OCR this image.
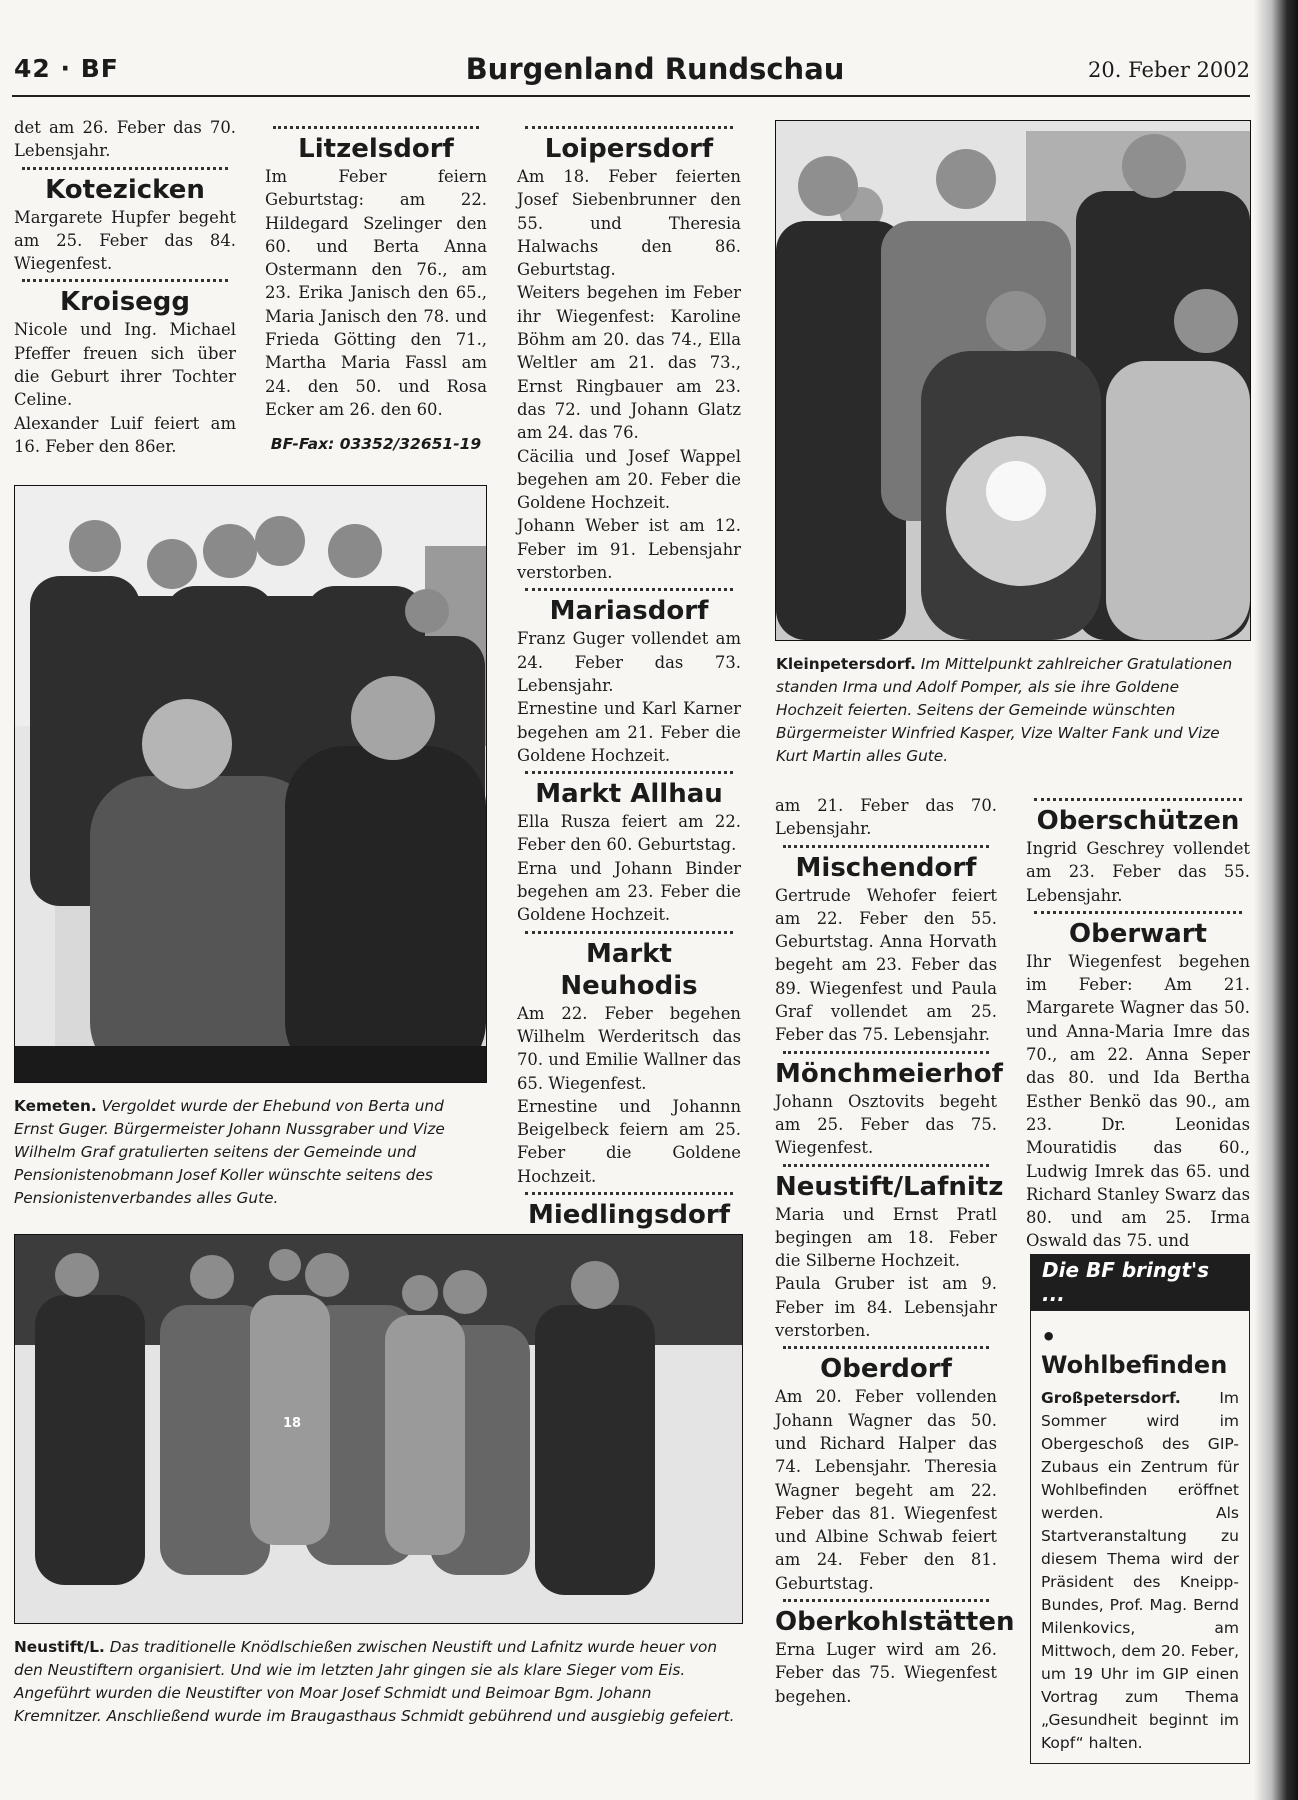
42 · BF	Burgenland Rundschau	20. Feber 2002

det am 26. Feber das 70. Lebensjahr.

Kotezicken

Margarete Hupfer begeht am 25. Feber das 84. Wiegenfest.

Kroisegg

Nicole und Ing. Michael Pfeffer freuen sich über die Geburt ihrer Tochter Celine.

Alexander Luif feiert am 16. Feber den 86er.

Litzelsdorf

Im Feber feiern Geburtstag: am 22. Hildegard Szelinger den 60. und Berta Anna Ostermann den 76., am 23. Erika Janisch den 65., Maria Janisch den 78. und Frieda Götting den 71., Martha Maria Fassl am 24. den 50. und Rosa Ecker am 26. den 60.

BF-Fax: 03352/32651-19
Kemeten. Vergoldet wurde der Ehebund von Berta und Ernst Guger. Bürgermeister Johann Nussgraber und Vize Wilhelm Graf gratulierten seitens der Gemeinde und Pensionistenobmann Josef Koller wünschte seitens des Pensionistenverbandes alles Gute.
Loipersdorf

Am 18. Feber feierten Josef Siebenbrunner den 55. und Theresia Halwachs den 86. Geburtstag.

Weiters begehen im Feber ihr Wiegenfest: Karoline Böhm am 20. das 74., Ella Weltler am 21. das 73., Ernst Ringbauer am 23. das 72. und Johann Glatz am 24. das 76.

Cäcilia und Josef Wappel begehen am 20. Feber die Goldene Hochzeit.

Johann Weber ist am 12. Feber im 91. Lebensjahr verstorben.

Mariasdorf

Franz Guger vollendet am 24. Feber das 73. Lebensjahr.

Ernestine und Karl Karner begehen am 21. Feber die Goldene Hochzeit.

Markt Allhau

Ella Rusza feiert am 22. Feber den 60. Geburtstag.

Erna und Johann Binder begehen am 23. Feber die Goldene Hochzeit.

Markt Neuhodis

Am 22. Feber begehen Wilhelm Werderitsch das 70. und Emilie Wallner das 65. Wiegenfest.

Ernestine und Johannn Beigelbeck feiern am 25. Feber die Goldene Hochzeit.

Miedlingsdorf

Kleinpetersdorf. Im Mittelpunkt zahlreicher Gratulationen standen Irma und Adolf Pomper, als sie ihre Goldene Hochzeit feierten. Seitens der Gemeinde wünschten Bürgermeister Winfried Kasper, Vize Walter Fank und Vize Kurt Martin alles Gute.

am 21. Feber das 70. Lebensjahr.

Mischendorf

Gertrude Wehofer feiert am 22. Feber den 55. Geburtstag. Anna Horvath begeht am 23. Feber das 89. Wiegenfest und Paula Graf vollendet am 25. Feber das 75. Lebensjahr.

Mönchmeierhof

Johann Osztovits begeht am 25. Feber das 75. Wiegenfest.

Neustift/Lafnitz

Maria und Ernst Pratl begingen am 18. Feber die Silberne Hochzeit.

Paula Gruber ist am 9. Feber im 84. Lebensjahr verstorben.

Oberdorf

Am 20. Feber vollenden Johann Wagner das 50. und Richard Halper das 74. Lebensjahr. Theresia Wagner begeht am 22. Feber das 81. Wiegenfest und Albine Schwab feiert am 24. Feber den 81. Geburtstag.

Oberkohlstätten

Erna Luger wird am 26. Feber das 75. Wiegenfest begehen.

Oberschützen

Ingrid Geschrey vollendet am 23. Feber das 55. Lebensjahr.

Oberwart

Ihr Wiegenfest begehen im Feber: Am 21. Margarete Wagner das 50. und Anna-Maria Imre das 70., am 22. Anna Seper das 80. und Ida Bertha Esther Benkö das 90., am 23. Dr. Leonidas Mouratidis das 60., Ludwig Imrek das 65. und Richard Stanley Swarz das 80. und am 25. Irma Oswald das 75. und

Die BF bringt's ...
• Wohlbefinden

Großpetersdorf. Im Sommer wird im Obergeschoß des GIP-Zubaus ein Zentrum für Wohlbefinden eröffnet werden. Als Startveranstaltung zu diesem Thema wird der Präsident des Kneipp-Bundes, Prof. Mag. Bernd Milenkovics, am Mittwoch, dem 20. Feber, um 19 Uhr im GIP einen Vortrag zum Thema „Gesundheit beginnt im Kopf“ halten.

18
Neustift/L. Das traditionelle Knödlschießen zwischen Neustift und Lafnitz wurde heuer von den Neustiftern organisiert. Und wie im letzten Jahr gingen sie als klare Sieger vom Eis. Angeführt wurden die Neustifter von Moar Josef Schmidt und Beimoar Bgm. Johann Kremnitzer. Anschließend wurde im Braugasthaus Schmidt gebührend und ausgiebig gefeiert.
